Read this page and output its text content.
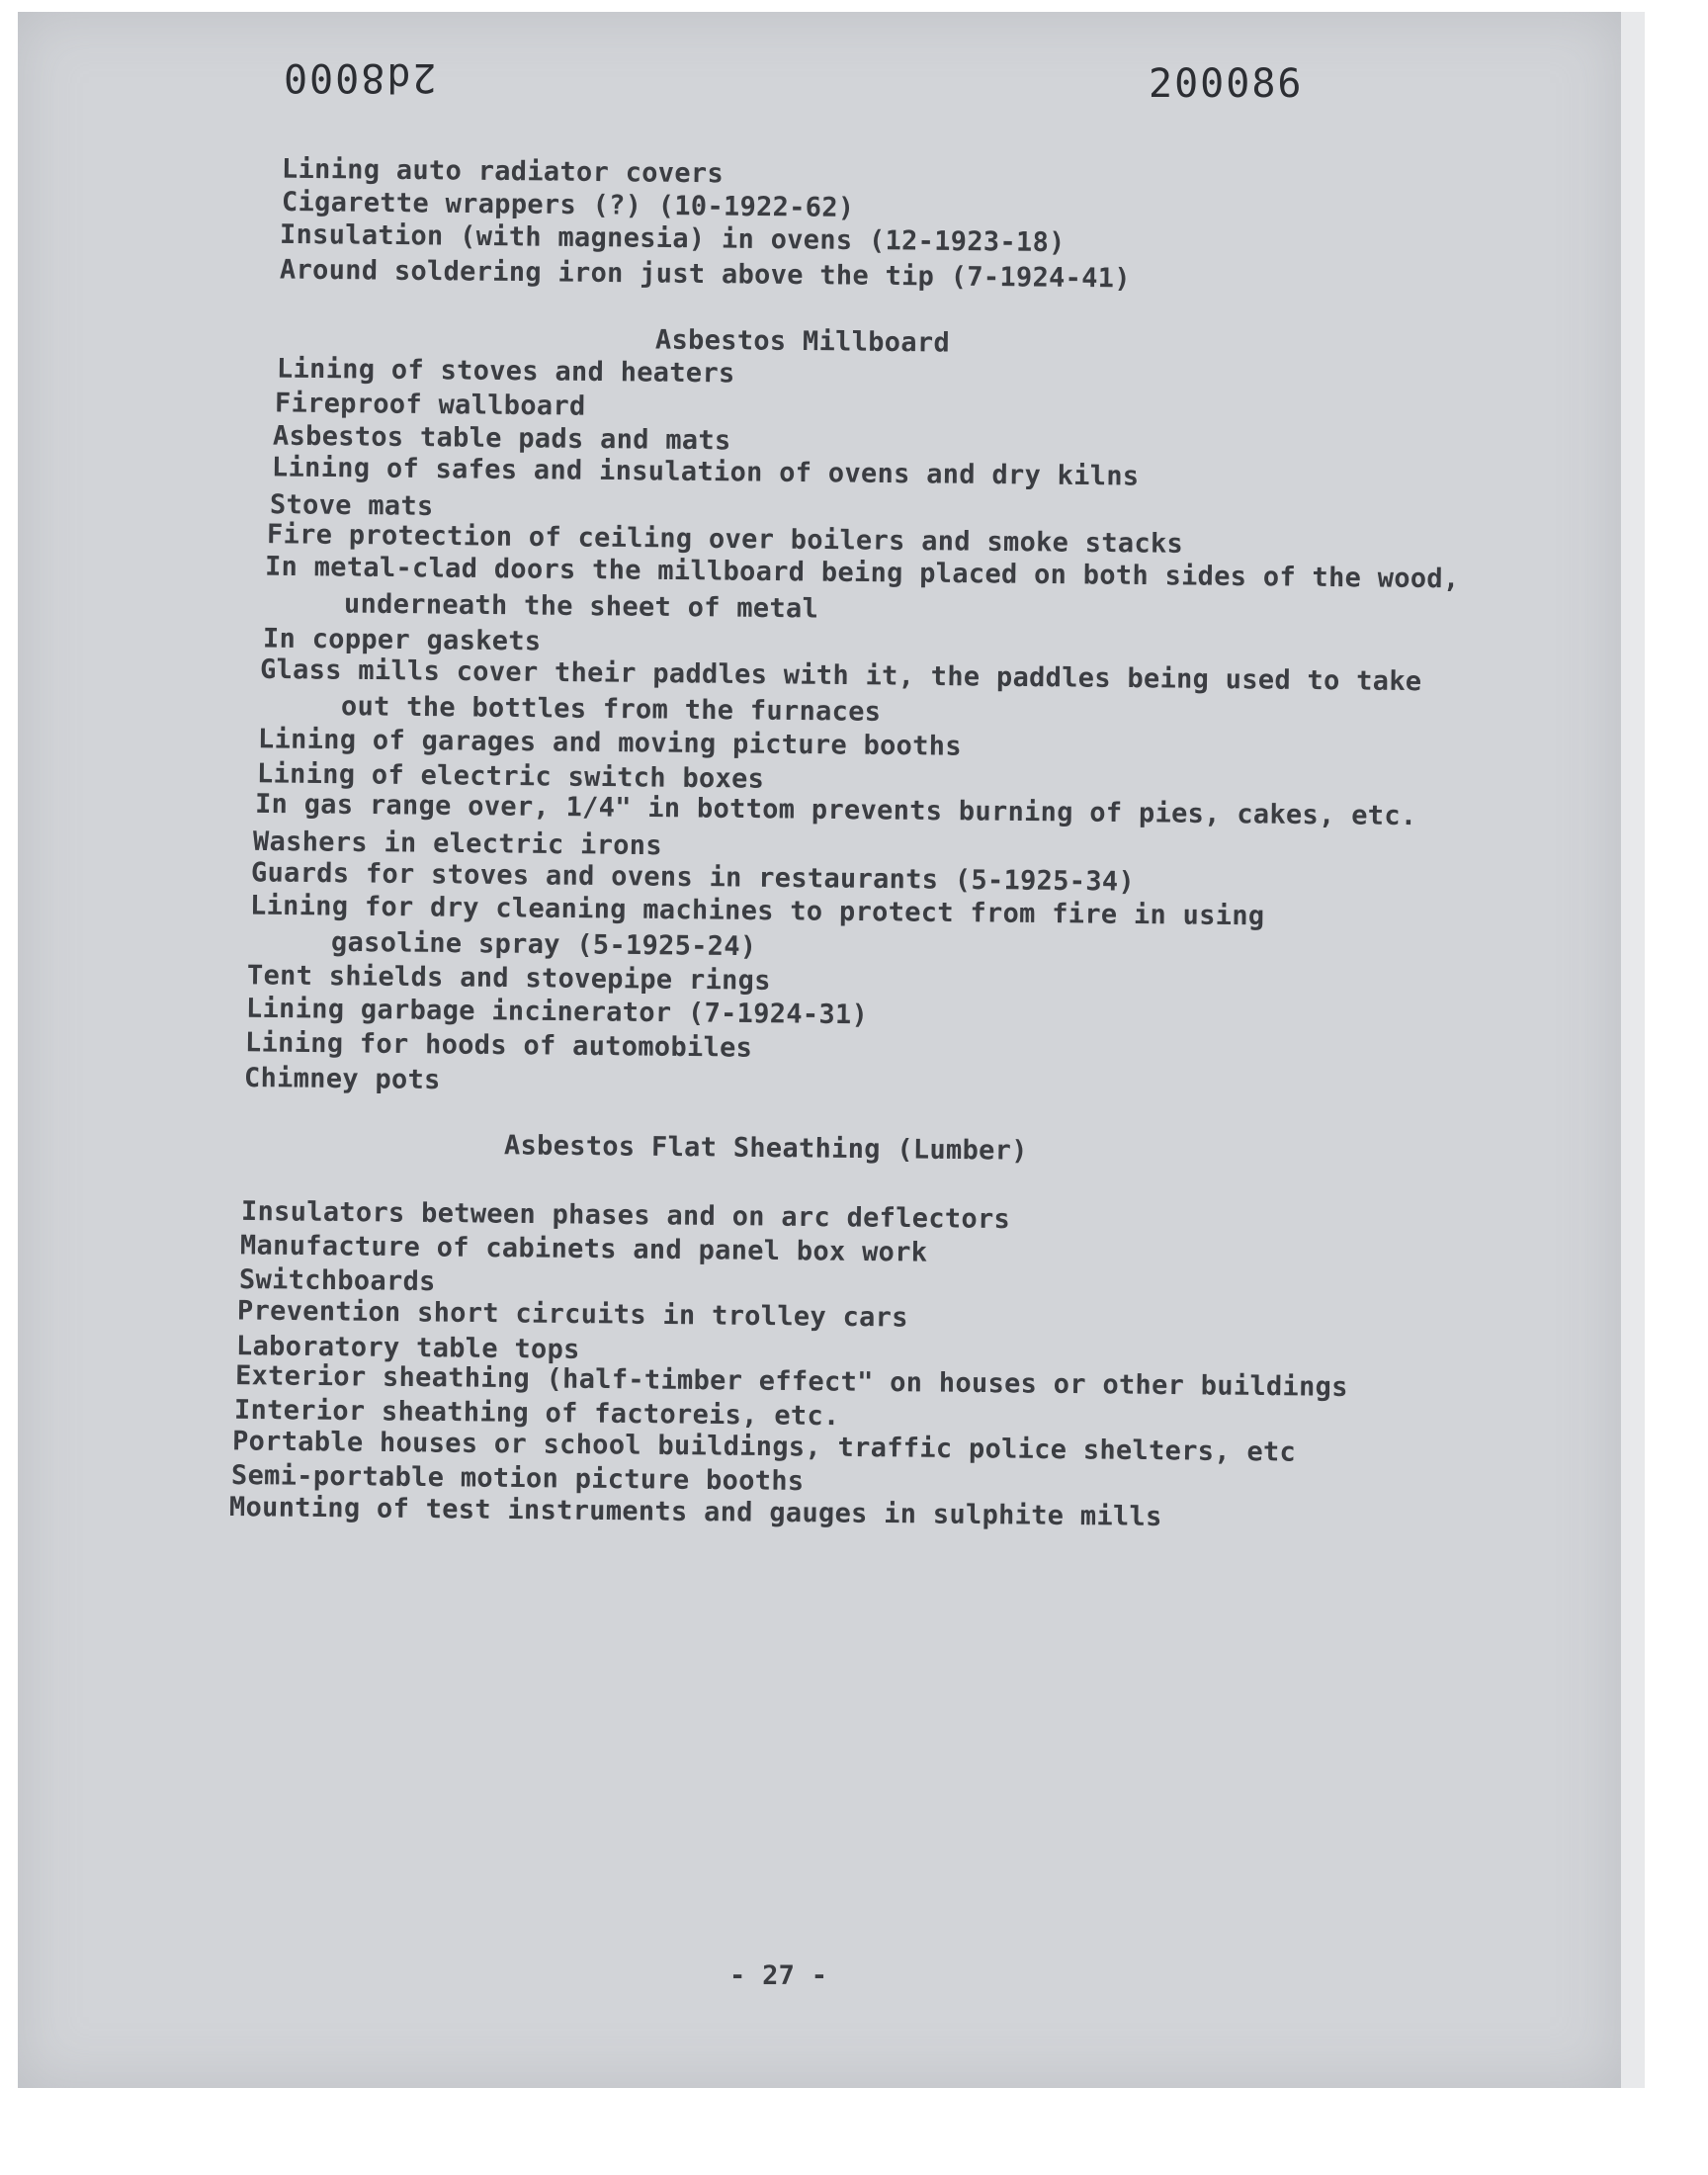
2d8000	200086
Lining auto radiator covers
Cigarette wrappers (?) (10-1922-62)
Insulation (with magnesia) in ovens (12-1923-18)
Around soldering iron just above the tip (7-1924-41)
Asbestos Millboard
Lining of stoves and heaters
Fireproof wallboard
Asbestos table pads and mats
Lining of safes and insulation of ovens and dry kilns
Stove mats
Fire protection of ceiling over boilers and smoke stacks
In metal-clad doors the millboard being placed on both sides of the wood,
underneath the sheet of metal
In copper gaskets
Glass mills cover their paddles with it, the paddles being used to take
out the bottles from the furnaces
Lining of garages and moving picture booths
Lining of electric switch boxes
In gas range over, 1/4" in bottom prevents burning of pies, cakes, etc.
Washers in electric irons
Guards for stoves and ovens in restaurants (5-1925-34)
Lining for dry cleaning machines to protect from fire in using
gasoline spray (5-1925-24)
Tent shields and stovepipe rings
Lining garbage incinerator (7-1924-31)
Lining for hoods of automobiles
Chimney pots
Asbestos Flat Sheathing (Lumber)
Insulators between phases and on arc deflectors
Manufacture of cabinets and panel box work
Switchboards
Prevention short circuits in trolley cars
Laboratory table tops
Exterior sheathing (half-timber effect" on houses or other buildings
Interior sheathing of factoreis, etc.
Portable houses or school buildings, traffic police shelters, etc
Semi-portable motion picture booths
Mounting of test instruments and gauges in sulphite mills
- 27 -
